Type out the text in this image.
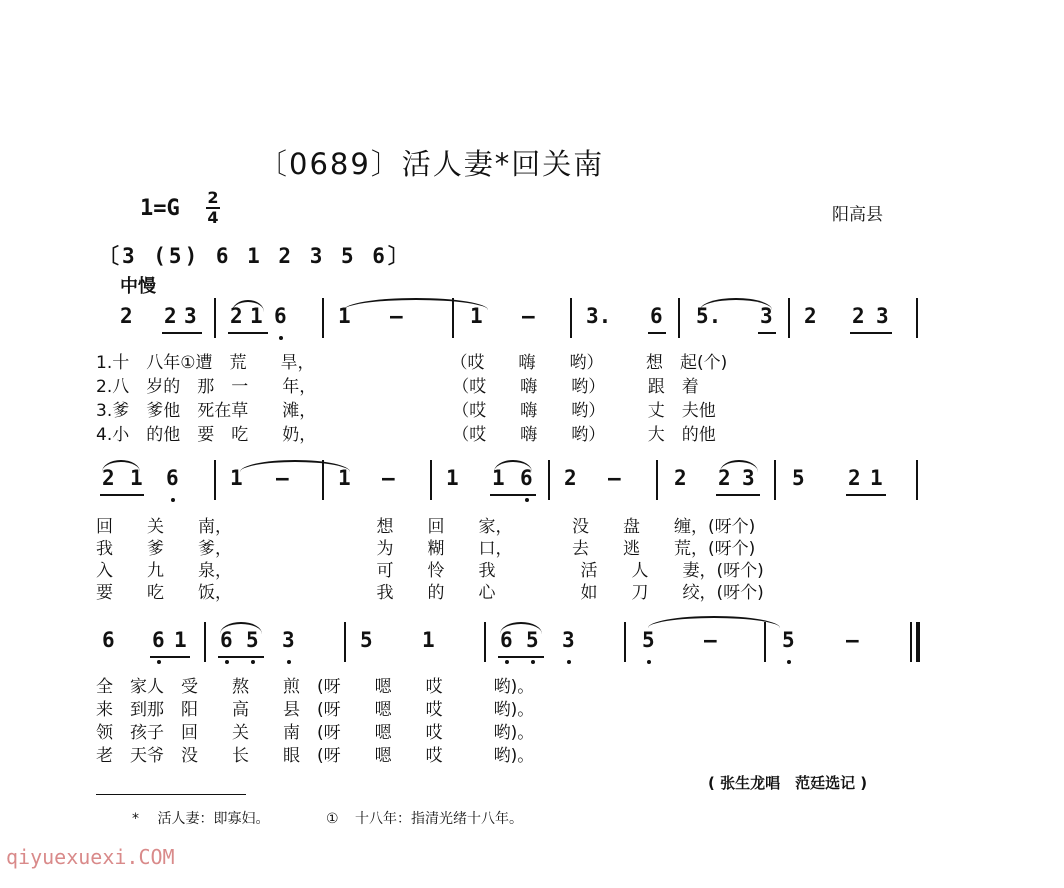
〔0689〕活人妻*回关南
1=G 2
4	阳高县
〔3 (5) 6 1 2 3 5 6〕
中慢
2 2 3 2 1 6 1 –	1 – 3. 6 5. 3 2 2 3
1.十　八年①遭　荒　　旱，　　　　　　　　　（哎　　嗨　　哟）　　　想　起(个)
2.八　岁的　那　一　　年，　　　　　　　　　（哎　　嗨　　哟）　　　跟　着
3.爹　爹他　死在草　　滩，　　　　　　　　　（哎　　嗨　　哟）　　　丈　夫他
4.小　的他　要　吃　　奶，　　　　　　　　　（哎　　嗨　　哟）　　　大　的他
2 1 6 1 – 1 – 1 1 6 2 –	2 2 3 5 2 1
回　　关　　南，　　　　　　　　　想　　回　　家，　　　　没　　盘　　缠，(呀个)
我　　爹　　爹，　　　　　　　　　为　　糊　　口，　　　　去　　逃　　荒，(呀个)
入　　九　　泉，　　　　　　　　　可　　怜　　我　　　　　活　　人　　妻，(呀个)
要　　吃　　饭，　　　　　　　　　我　　的　　心　　　　　如　　刀　　绞，(呀个)
6 6 1 6 5 3	5 1	6 5 3	5 –	5 –
全　家人　受　　熬　　煎　(呀　　嗯　　哎　　　哟)。
来　到那　阳　　高　　县　(呀　　嗯　　哎　　　哟)。
领　孩子　回　　关　　南　(呀　　嗯　　哎　　　哟)。
老　天爷　没　　长　　眼　(呀　　嗯　　哎　　　哟)。
( 张生龙唱　范廷选记 )
* 活人妻：即寡妇。	① 十八年：指清光绪十八年。
qiyuexuexi.COM
